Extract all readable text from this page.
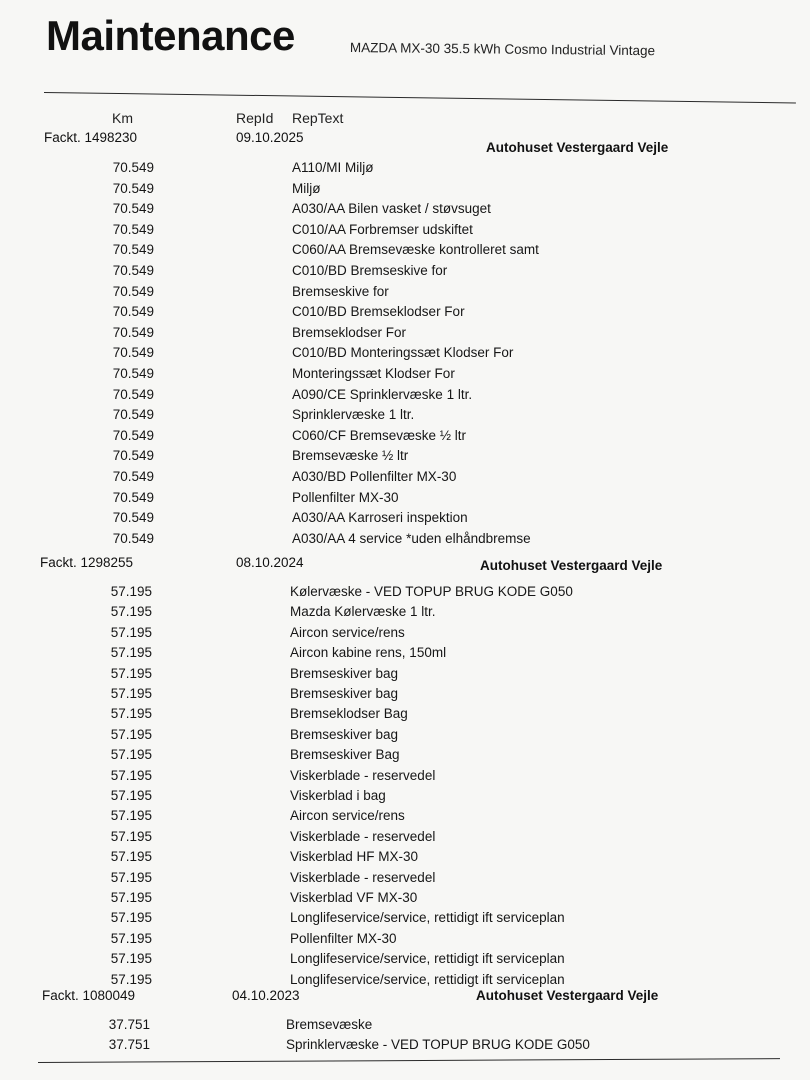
Maintenance	MAZDA MX-30 35.5 kWh Cosmo Industrial Vintage
Km	RepId RepText
Fackt. 1498230	09.10.2025
Autohuset Vestergaard Vejle
70.549	A110/MI Miljø
70.549	Miljø
70.549	A030/AA Bilen vasket / støvsuget
70.549	C010/AA Forbremser udskiftet
70.549	C060/AA Bremsevæske kontrolleret samt
70.549	C010/BD Bremseskive for
70.549	Bremseskive for
70.549	C010/BD Bremseklodser For
70.549	Bremseklodser For
70.549	C010/BD Monteringssæt Klodser For
70.549	Monteringssæt Klodser For
70.549	A090/CE Sprinklervæske 1 ltr.
70.549	Sprinklervæske 1 ltr.
70.549	C060/CF Bremsevæske ½ ltr
70.549	Bremsevæske ½ ltr
70.549	A030/BD Pollenfilter MX-30
70.549	Pollenfilter MX-30
70.549	A030/AA Karroseri inspektion
70.549	A030/AA 4 service *uden elhåndbremse
Fackt. 1298255	08.10.2024	Autohuset Vestergaard Vejle
57.195	Kølervæske - VED TOPUP BRUG KODE G050
57.195	Mazda Kølervæske 1 ltr.
57.195	Aircon service/rens
57.195	Aircon kabine rens, 150ml
57.195	Bremseskiver bag
57.195	Bremseskiver bag
57.195	Bremseklodser Bag
57.195	Bremseskiver bag
57.195	Bremseskiver Bag
57.195	Viskerblade - reservedel
57.195	Viskerblad i bag
57.195	Aircon service/rens
57.195	Viskerblade - reservedel
57.195	Viskerblad HF MX-30
57.195	Viskerblade - reservedel
57.195	Viskerblad VF MX-30
57.195	Longlifeservice/service, rettidigt ift serviceplan
57.195	Pollenfilter MX-30
57.195	Longlifeservice/service, rettidigt ift serviceplan
57.195	Longlifeservice/service, rettidigt ift serviceplan
Fackt. 1080049	04.10.2023	Autohuset Vestergaard Vejle
37.751	Bremsevæske
37.751	Sprinklervæske - VED TOPUP BRUG KODE G050
